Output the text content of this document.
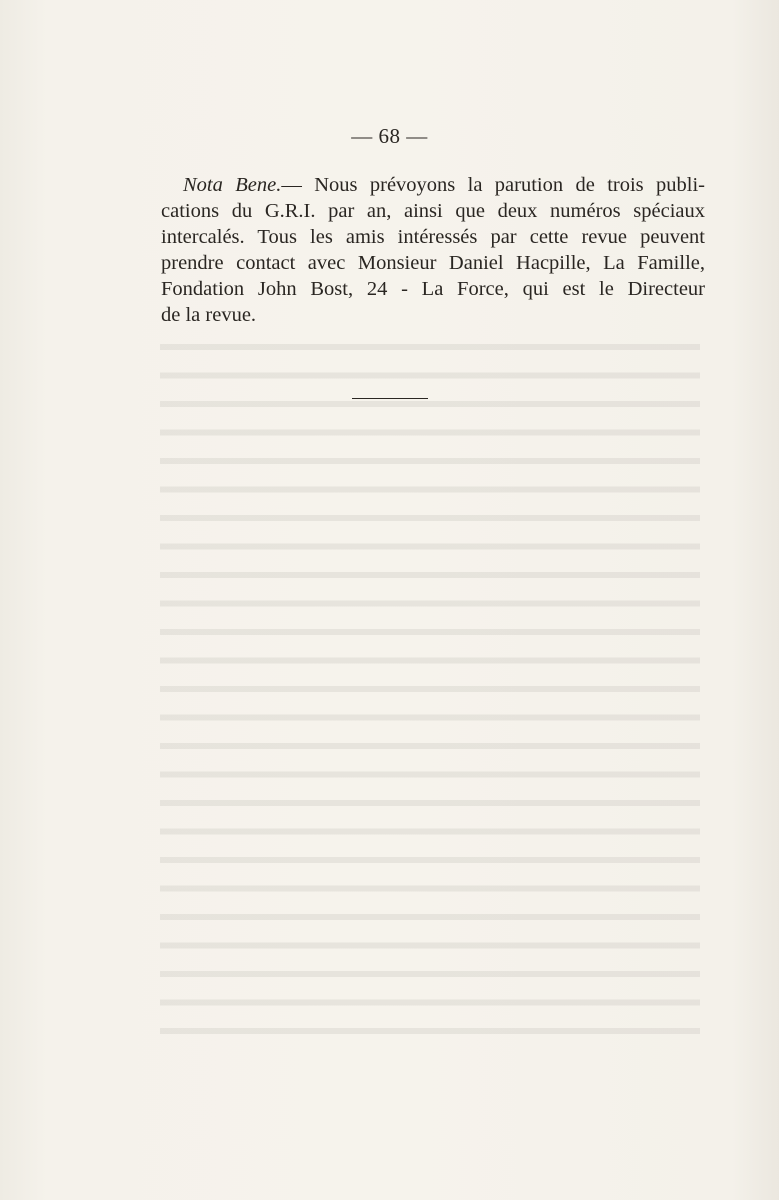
— 68 —
Nota Bene.— Nous prévoyons la parution de trois publi-
cations du G.R.I. par an, ainsi que deux numéros spéciaux
intercalés. Tous les amis intéressés par cette revue peuvent
prendre contact avec Monsieur Daniel Hacpille, La Famille,
Fondation John Bost, 24 - La Force, qui est le Directeur
de la revue.
